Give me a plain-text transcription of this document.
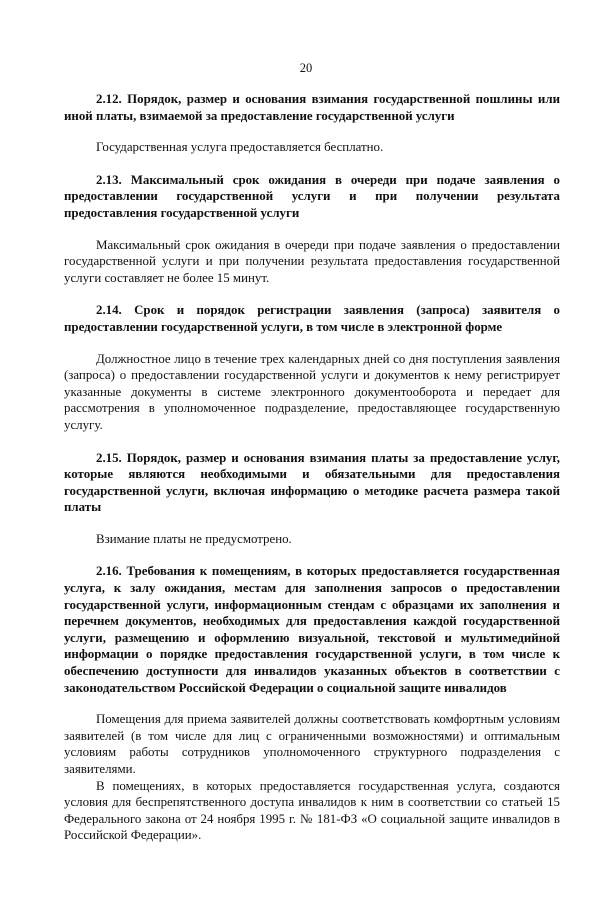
20

2.12. Порядок, размер и основания взимания государственной пошлины или иной платы, взимаемой за предоставление государственной услуги

Государственная услуга предоставляется бесплатно.

2.13. Максимальный срок ожидания в очереди при подаче заявления о предоставлении государственной услуги и при получении результата предоставления государственной услуги

Максимальный срок ожидания в очереди при подаче заявления о предоставлении государственной услуги и при получении результата предоставления государственной услуги составляет не более 15 минут.

2.14. Срок и порядок регистрации заявления (запроса) заявителя о предоставлении государственной услуги, в том числе в электронной форме

Должностное лицо в течение трех календарных дней со дня поступления заявления (запроса) о предоставлении государственной услуги и документов к нему регистрирует указанные документы в системе электронного документооборота и передает для рассмотрения в уполномоченное подразделение, предоставляющее государственную услугу.

2.15. Порядок, размер и основания взимания платы за предоставление услуг, которые являются необходимыми и обязательными для предоставления государственной услуги, включая информацию о методике расчета размера такой платы

Взимание платы не предусмотрено.

2.16. Требования к помещениям, в которых предоставляется государственная услуга, к залу ожидания, местам для заполнения запросов о предоставлении государственной услуги, информационным стендам с образцами их заполнения и перечнем документов, необходимых для предоставления каждой государственной услуги, размещению и оформлению визуальной, текстовой и мультимедийной информации о порядке предоставления государственной услуги, в том числе к обеспечению доступности для инвалидов указанных объектов в соответствии с законодательством Российской Федерации о социальной защите инвалидов

Помещения для приема заявителей должны соответствовать комфортным условиям заявителей (в том числе для лиц с ограниченными возможностями) и оптимальным условиям работы сотрудников уполномоченного структурного подразделения с заявителями.

В помещениях, в которых предоставляется государственная услуга, создаются условия для беспрепятственного доступа инвалидов к ним в соответствии со статьей 15 Федерального закона от 24 ноября 1995 г. № 181-ФЗ «О социальной защите инвалидов в Российской Федерации».
